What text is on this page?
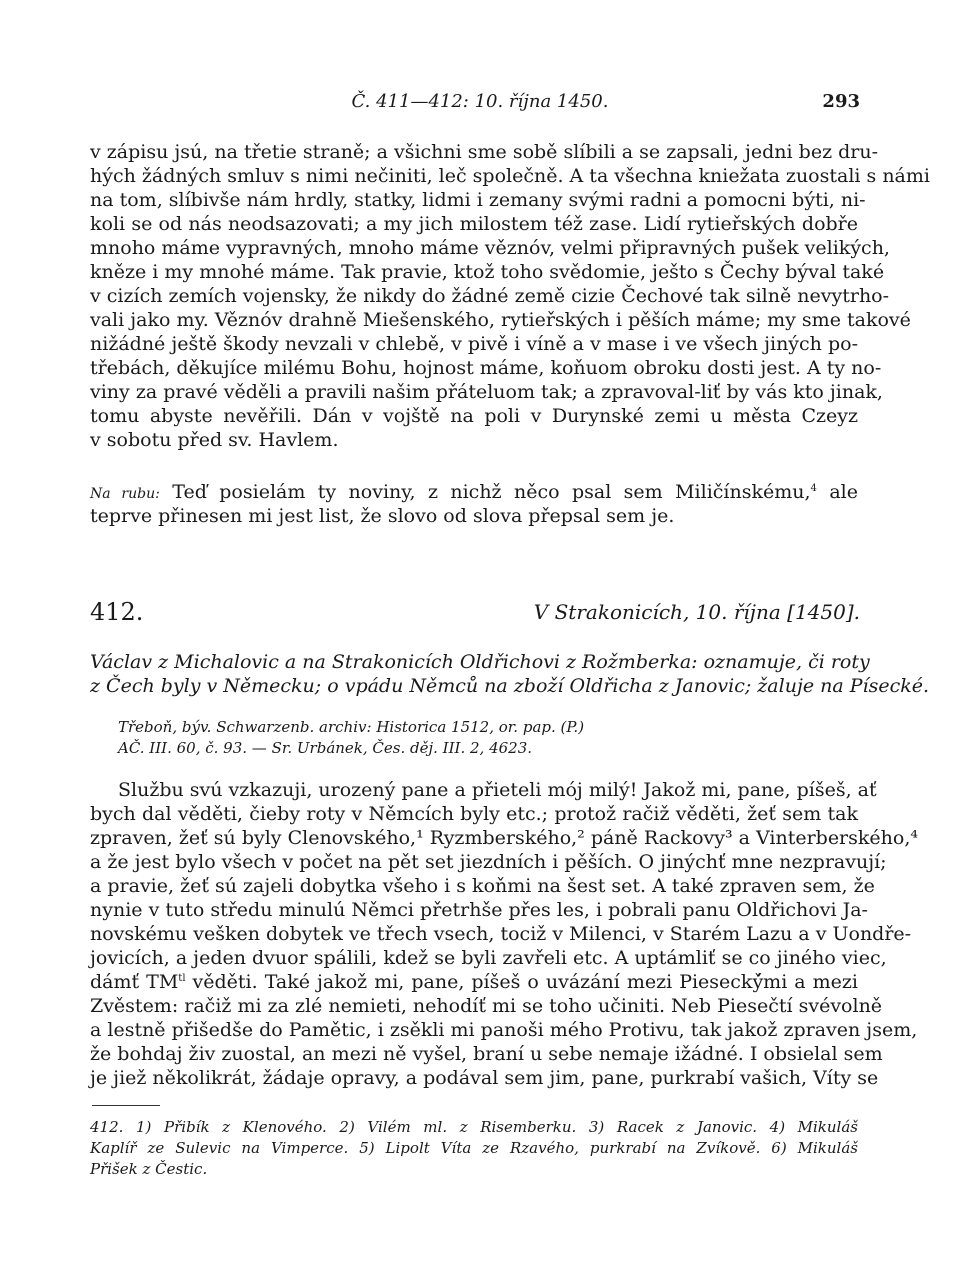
Č. 411—412: 10. října 1450.	293
v zápisu jsú, na třetie straně; a všichni sme sobě slíbili a se zapsali, jedni bez dru-
hých žádných smluv s nimi nečiniti, leč společně. A ta všechna kniežata zuostali s námi
na tom, slíbivše nám hrdly, statky, lidmi i zemany svými radni a pomocni býti, ni-
koli se od nás neodsazovati; a my jich milostem též zase. Lidí rytieřských dobře
mnoho máme vypravných, mnoho máme věznóv, velmi připravných pušek velikých,
kněze i my mnohé máme. Tak pravie, ktož toho svědomie, ješto s Čechy býval také
v cizích zemích vojensky, že nikdy do žádné země cizie Čechové tak silně nevytrho-
vali jako my. Věznóv drahně Miešenského, rytieřských i pěších máme; my sme takové
nižádné ještě škody nevzali v chlebě, v pivě i víně a v mase i ve všech jiných po-
třebách, děkujíce milému Bohu, hojnost máme, koňuom obroku dosti jest. A ty no-
viny za pravé věděli a pravili našim přáteluom tak; a zpravoval-liť by vás kto jinak,
tomu abyste nevěřili. Dán v vojště na poli v Durynské zemi u města Czeyz
v sobotu před sv. Havlem.
Na rubu: Teď posielám ty noviny, z nichž něco psal sem Miličínskému,$^4$ ale
teprve přinesen mi jest list, že slovo od slova přepsal sem je.
412.	V Strakonicích, 10. října [1450].
Václav z Michalovic a na Strakonicích Oldřichovi z Rožmberka: oznamuje, či roty
z Čech byly v Německu; o vpádu Němců na zboží Oldřicha z Janovic; žaluje na Písecké.
Třeboň, býv. Schwarzenb. archiv: Historica 1512, or. pap. (P.)
AČ. III. 60, č. 93. — Sr. Urbánek, Čes. děj. III. 2, 4623.
Službu svú vzkazuji, urozený pane a přieteli mój milý! Jakož mi, pane, píšeš, ať
bych dal věděti, čieby roty v Němcích byly etc.; protož račiž věděti, žeť sem tak
zpraven, žeť sú byly Clenovského,¹ Ryzmberského,² páně Rackovy³ a Vinterberského,⁴
a že jest bylo všech v počet na pět set jiezdních i pěších. O jinýchť mne nezpravují;
a pravie, žeť sú zajeli dobytka všeho i s koňmi na šest set. A také zpraven sem, že
nynie v tuto středu minulú Němci přetrhše přes les, i pobrali panu Oldřichovi Ja-
novskému vešken dobytek ve třech vsech, tociž v Milenci, v Starém Lazu a v Uondře-
jovicích, a jeden dvuor spálili, kdež se byli zavřeli etc. A uptámliť se co jiného viec,
dámť $TM^{tl}$ věděti. Také jakož mi, pane, píšeš o uvázání mezi Piesecký̌mi a mezi
Zvěstem: račiž mi za zlé nemieti, nehodíť mi se toho učiniti. Neb Piesečtí svévolně
a lestně přišedše do Pamětic, i zsěkli mi panoši mého Protivu, tak jakož zpraven jsem,
že bohdaj živ zuostal, an mezi ně vyšel, braní u sebe nemaje ižádné. I obsielal sem
je jiež několikrát, žádaje opravy, a podával sem jim, pane, purkrabí vašich, Víty se
412. 1) Přibík z Klenového. 2) Vilém ml. z Risemberku. 3) Racek z Janovic. 4) Mikuláš
Kaplíř ze Sulevic na Vimperce. 5) Lipolt Víta ze Rzavého, purkrabí na Zvíkově. 6) Mikuláš
Přišek z Čestic.
